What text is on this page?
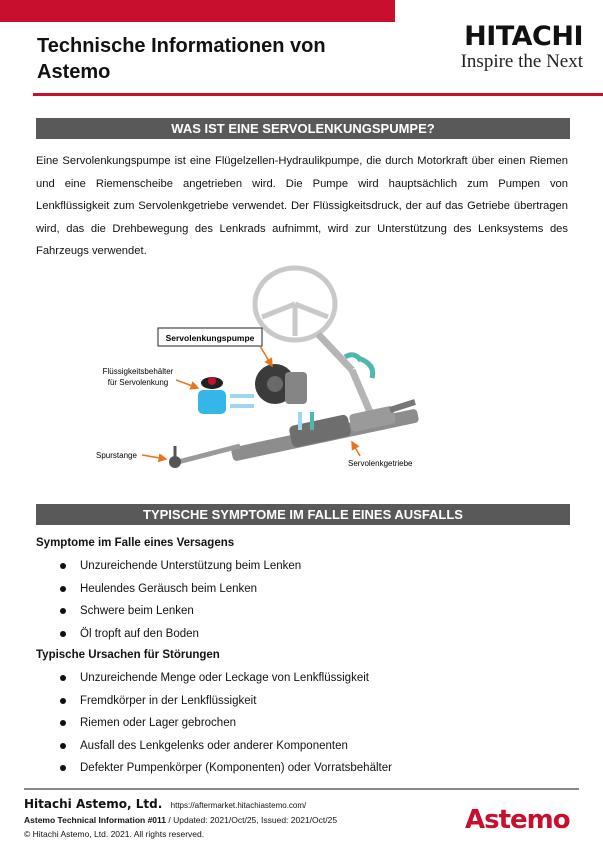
Technische Informationen von
Astemo
HITACHI
Inspire the Next
WAS IST EINE SERVOLENKUNGSPUMPE?

Eine Servolenkungspumpe ist eine Flügelzellen-Hydraulikpumpe, die durch Motorkraft über einen Riemen und eine Riemenscheibe angetrieben wird. Die Pumpe wird hauptsächlich zum Pumpen von Lenkflüssigkeit zum Servolenkgetriebe verwendet. Der Flüssigkeitsdruck, der auf das Getriebe übertragen wird, das die Drehbewegung des Lenkrads aufnimmt, wird zur Unterstützung des Lenksystems des Fahrzeugs verwendet.

Servolenkungspumpe
Flüssigkeitsbehälter
für Servolenkung
Spurstange
Servolenkgetriebe
TYPISCHE SYMPTOME IM FALLE EINES AUSFALLS

Symptome im Falle eines Versagens

Unzureichende Unterstützung beim Lenken
Heulendes Geräusch beim Lenken
Schwere beim Lenken
Öl tropft auf den Boden

Typische Ursachen für Störungen

Unzureichende Menge oder Leckage von Lenkflüssigkeit
Fremdkörper in der Lenkflüssigkeit
Riemen oder Lager gebrochen
Ausfall des Lenkgelenks oder anderer Komponenten
Defekter Pumpenkörper (Komponenten) oder Vorratsbehälter
Hitachi Astemo, Ltd. https://aftermarket.hitachiastemo.com/
Astemo Technical Information #011 / Updated: 2021/Oct/25, Issued: 2021/Oct/25
© Hitachi Astemo, Ltd. 2021. All rights reserved.	Astemo
